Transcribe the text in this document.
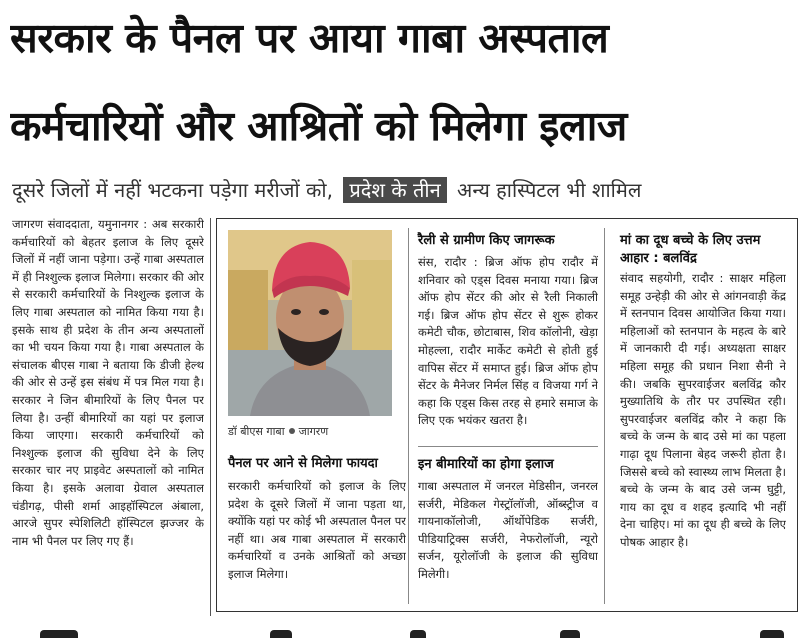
सरकार के पैनल पर आया गाबा अस्पताल
कर्मचारियों और आश्रितों को मिलेगा इलाज
दूसरे जिलों में नहीं भटकना पड़ेगा मरीजों को, प्रदेश के तीन अन्य हास्पिटल भी शामिल

जागरण संवाददाता, यमुनानगर : अब सरकारी कर्मचारियों को बेहतर इलाज के लिए दूसरे जिलों में नहीं जाना पड़ेगा। उन्हें गाबा अस्पताल में ही निश्शुल्क इलाज मिलेगा। सरकार की ओर से सरकारी कर्मचारियों के निश्शुल्क इलाज के लिए गाबा अस्पताल को नामित किया गया है। इसके साथ ही प्रदेश के तीन अन्य अस्पतालों का भी चयन किया गया है। गाबा अस्पताल के संचालक बीएस गाबा ने बताया कि डीजी हेल्थ की ओर से उन्हें इस संबंध में पत्र मिल गया है। सरकार ने जिन बीमारियों के लिए पैनल पर लिया है। उन्हीं बीमारियों का यहां पर इलाज किया जाएगा। सरकारी कर्मचारियों को निश्शुल्क इलाज की सुविधा देने के लिए सरकार चार नए प्राइवेट अस्पतालों को नामित किया है। इसके अलावा ग्रेवाल अस्पताल चंडीगढ़, पीसी शर्मा आइहॉस्पिटल अंबाला, आरजे सुपर स्पेशिलिटी हॉस्पिटल झज्जर के नाम भी पैनल पर लिए गए हैं।

डॉ बीएस गाबा जागरण
पैनल पर आने से मिलेगा फायदा

सरकारी कर्मचारियों को इलाज के लिए प्रदेश के दूसरे जिलों में जाना पड़ता था, क्योंकि यहां पर कोई भी अस्पताल पैनल पर नहीं था। अब गाबा अस्पताल में सरकारी कर्मचारियों व उनके आश्रितों को अच्छा इलाज मिलेगा।

रैली से ग्रामीण किए जागरूक

संस, रादौर : ब्रिज ऑफ होप रादौर में शनिवार को एड्स दिवस मनाया गया। ब्रिज ऑफ होप सेंटर की ओर से रैली निकाली गई। ब्रिज ऑफ होप सेंटर से शुरू होकर कमेटी चौक, छोटाबास, शिव कॉलोनी, खेड़ा मोहल्ला, रादौर मार्केट कमेटी से होती हुई वापिस सेंटर में समाप्त हुई। ब्रिज ऑफ होप सेंटर के मैनेजर निर्मल सिंह व विजया गर्ग ने कहा कि एड्स किस तरह से हमारे समाज के लिए एक भयंकर खतरा है।

इन बीमारियों का होगा इलाज

गाबा अस्पताल में जनरल मेडिसीन, जनरल सर्जरी, मेडिकल गेस्ट्रॉलॉजी, ऑब्स्ट्रीज व गायनाकॉलोजी, ऑर्थोपेडिक सर्जरी, पीडियाट्रिक्स सर्जरी, नेफरोलॉजी, न्यूरो सर्जन, यूरोलॉजी के इलाज की सुविधा मिलेगी।

मां का दूध बच्चे के लिए उत्तम आहार : बलविंद्र

संवाद सहयोगी, रादौर : साक्षर महिला समूह उन्हेड़ी की ओर से आंगनवाड़ी केंद्र में स्तनपान दिवस आयोजित किया गया। महिलाओं को स्तनपान के महत्व के बारे में जानकारी दी गई। अध्यक्षता साक्षर महिला समूह की प्रधान निशा सैनी ने की। जबकि सुपरवाईजर बलविंद्र कौर मुख्यातिथि के तौर पर उपस्थित रही। सुपरवाईजर बलविंद्र कौर ने कहा कि बच्चे के जन्म के बाद उसे मां का पहला गाढ़ा दूध पिलाना बेहद जरूरी होता है। जिससे बच्चे को स्वास्थ्य लाभ मिलता है। बच्चे के जन्म के बाद उसे जन्म घुट्टी, गाय का दूध व शहद इत्यादि भी नहीं देना चाहिए। मां का दूध ही बच्चे के लिए पोषक आहार है।
